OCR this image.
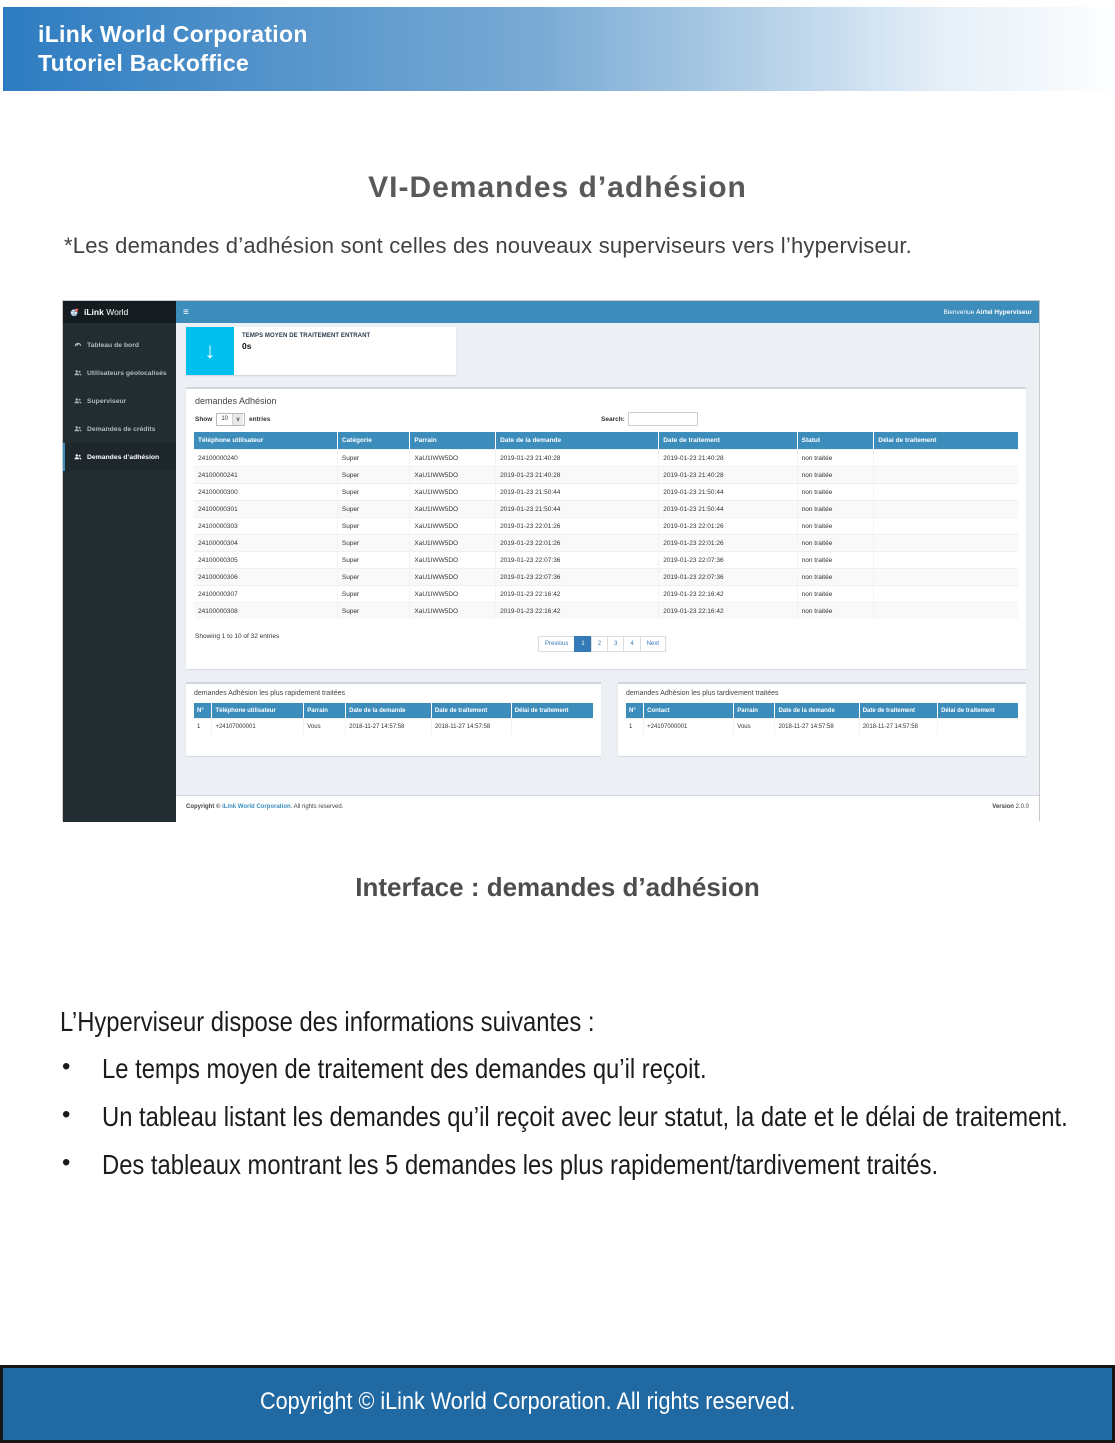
iLink World Corporation
Tutoriel Backoffice
VI-Demandes d’adhésion
*Les demandes d’adhésion sont celles des nouveaux superviseurs vers l’hyperviseur.
iLink World	≡	Bienvenue Airtel Hyperviseur
Tableau de bord
Utilisateurs géolocalisés
Superviseur
Demandes de crédits
Demandes d’adhésion
↓
TEMPS MOYEN DE TRAITEMENT ENTRANT
0s
demandes Adhésion
Show	10	∨	entries	Search:
Téléphone utilisateur	Catégorie	Parrain	Date de la demande	Date de traitement	Statut	Délai de traitement
24100000240	Super	XaU1IWW5DO	2019-01-23 21:40:28	2019-01-23 21:40:28	non traitée	
24100000241	Super	XaU1IWW5DO	2019-01-23 21:40:28	2019-01-23 21:40:28	non traitée	
24100000300	Super	XaU1IWW5DO	2019-01-23 21:50:44	2019-01-23 21:50:44	non traitée	
24100000301	Super	XaU1IWW5DO	2019-01-23 21:50:44	2019-01-23 21:50:44	non traitée	
24100000303	Super	XaU1IWW5DO	2019-01-23 22:01:26	2019-01-23 22:01:26	non traitée	
24100000304	Super	XaU1IWW5DO	2019-01-23 22:01:26	2019-01-23 22:01:26	non traitée	
24100000305	Super	XaU1IWW5DO	2019-01-23 22:07:36	2019-01-23 22:07:36	non traitée	
24100000306	Super	XaU1IWW5DO	2019-01-23 22:07:36	2019-01-23 22:07:36	non traitée	
24100000307	Super	XaU1IWW5DO	2019-01-23 22:16:42	2019-01-23 22:16:42	non traitée	
24100000308	Super	XaU1IWW5DO	2019-01-23 22:16:42	2019-01-23 22:16:42	non traitée	
Showing 1 to 10 of 32 entries
Previous	1	2	3	4	Next
demandes Adhésion les plus rapidement traitées
N°	Téléphone utilisateur	Parrain	Date de la demande	Date de traitement	Délai de traitement
1	+24107000001	Vous	2018-11-27 14:57:58	2018-11-27 14:57:58	
demandes Adhésion les plus tardivement traitées
N°	Contact	Parrain	Date de la demande	Date de traitement	Délai de traitement
1	+24107000001	Vous	2018-11-27 14:57:58	2018-11-27 14:57:58	
Copyright © iLink World Corporation. All rights reserved.	Version 2.0.0
Interface : demandes d’adhésion
L’Hyperviseur dispose des informations suivantes :
• Le temps moyen de traitement des demandes qu’il reçoit.
• Un tableau listant les demandes qu’il reçoit avec leur statut, la date et le délai de traitement.
• Des tableaux montrant les 5 demandes les plus rapidement/tardivement traités.
Copyright © iLink World Corporation. All rights reserved.
